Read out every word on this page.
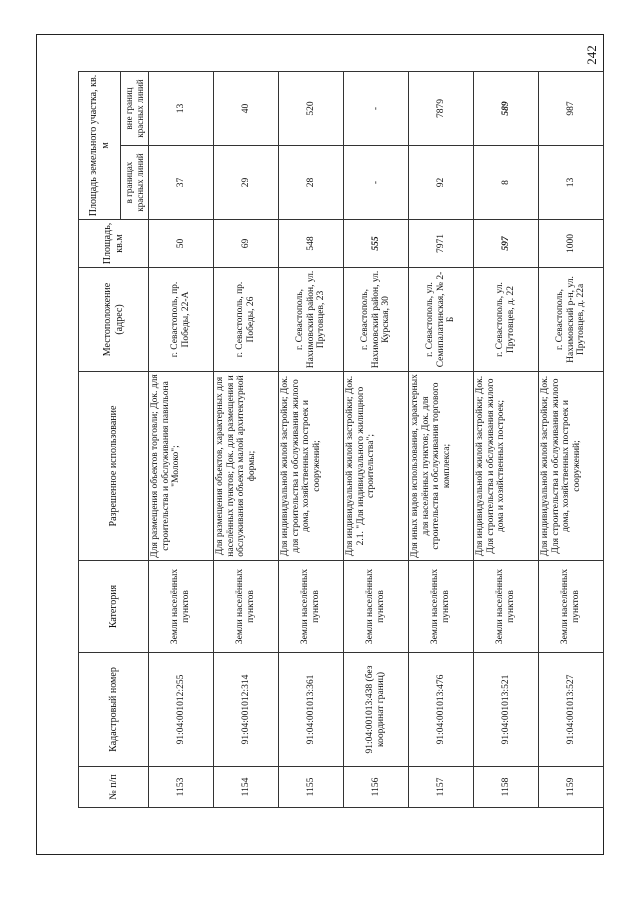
242
№ п/п	Кадастровый номер	Категория	Разрешенное использование	Местоположение (адрес)	Площадь, кв.м	Площадь земельного участка, кв. м	
						в границах красных линий	вне границ красных линий
1153	91:04:001012:255	Земли населённых пунктов	Для размещения объектов торговли; Док. для строительства и обслуживания павильона "Молоко";	г. Севастополь, пр. Победы, 22-А	50	37	13
1154	91:04:001012:314	Земли населённых пунктов	Для размещения объектов, характерных для населённых пунктов; Док. для размещения и обслуживания объекта малой архитектурной формы;	г. Севастополь, пр. Победы, 26	69	29	40
1155	91:04:001013:361	Земли населённых пунктов	Для индивидуальной жилой застройки; Док. для строительства и обслуживания жилого дома, хозяйственных построек и сооружений;	г. Севастополь, Нахимовский район, ул. Прутовцев, 23	548	28	520
1156	91:04:001013:438 (без координат границ)	Земли населённых пунктов	Для индивидуальной жилой застройки; Док. 2.1. "Для индивидуального жилищного строительства";	г. Севастополь, Нахимовский район, ул. Курская, 30	555	-	-
1157	91:04:001013:476	Земли населённых пунктов	Для иных видов использования, характерных для населённых пунктов; Док. для строительства и обслуживания торгового комплекса;	г. Севастополь, ул. Семипалатинская, № 2-Б	7971	92	7879
1158	91:04:001013:521	Земли населённых пунктов	Для индивидуальной жилой застройки; Док. Для строительства и обслуживания жилого дома и хозяйственных построек;	г. Севастополь, ул. Прутовцев, д. 22	597	8	589
1159	91:04:001013:527	Земли населённых пунктов	Для индивидуальной жилой застройки; Док. Для строительства и обслуживания жилого дома, хозяйственных построек и сооружений;	г. Севастополь, Нахимовский р-н, ул. Прутовцев, д. 22а	1000	13	987
